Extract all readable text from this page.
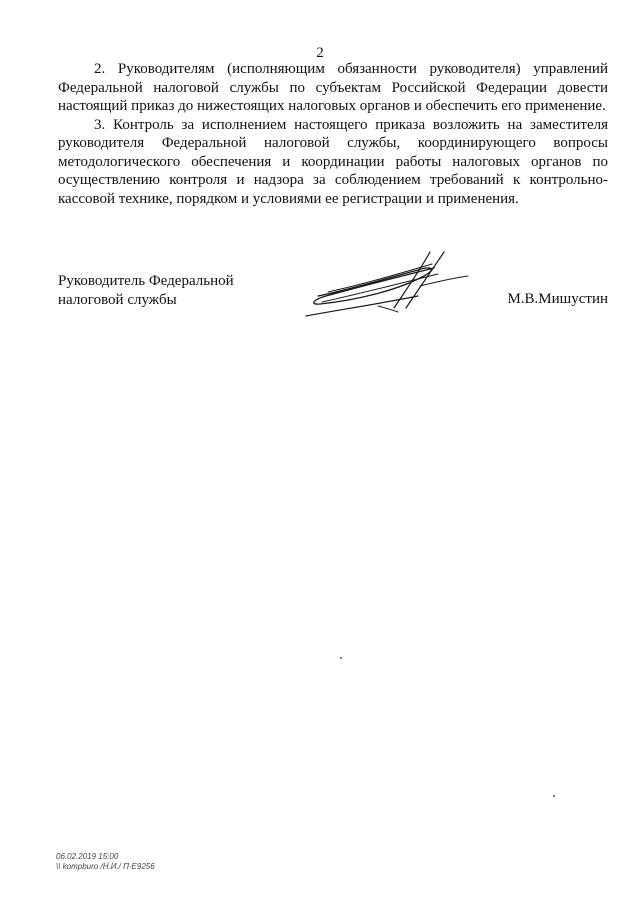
2

2. Руководителям (исполняющим обязанности руководителя) управлений Федеральной налоговой службы по субъектам Российской Федерации довести настоящий приказ до нижестоящих налоговых органов и обеспечить его применение.

3. Контроль за исполнением настоящего приказа возложить на заместителя руководителя Федеральной налоговой службы, координирующего вопросы методологического обеспечения и координации работы налоговых органов по осуществлению контроля и надзора за соблюдением требований к контрольно-кассовой технике, порядком и условиями ее регистрации и применения.

Руководитель Федеральной
налоговой службы	М.В.Мишустин
06.02.2019 15:00
\\ kompburo /Н.И./ П-Е9256
